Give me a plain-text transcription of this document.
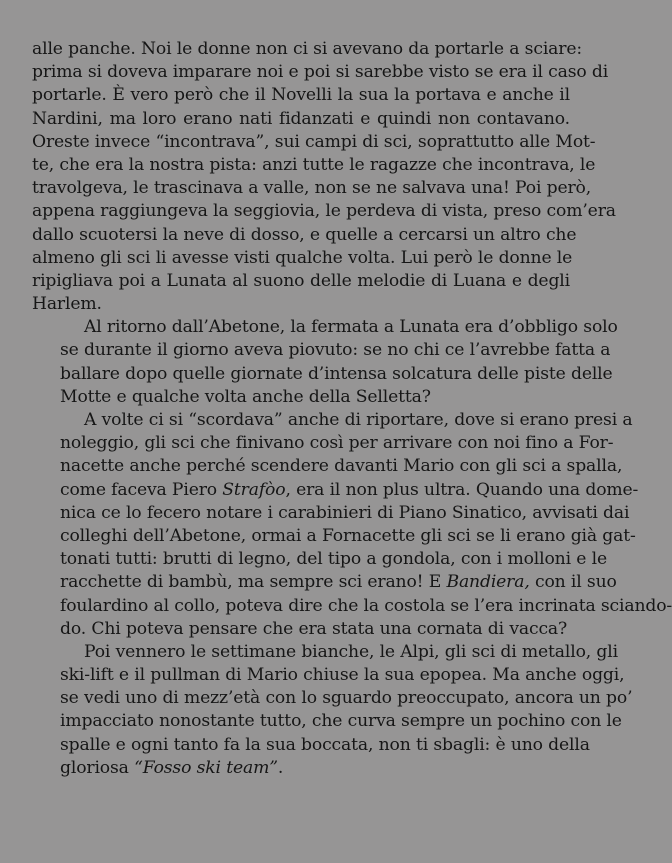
alle panche. Noi le donne non ci si avevano da portarle a sciare:
prima si doveva imparare noi e poi si sarebbe visto se era il caso di
portarle. È vero però che il Novelli la sua la portava e anche il
Nardini, ma loro erano nati fidanzati e quindi non contavano.
Oreste invece “incontrava”, sui campi di sci, soprattutto alle Mot-
te, che era la nostra pista: anzi tutte le ragazze che incontrava, le
travolgeva, le trascinava a valle, non se ne salvava una! Poi però,
appena raggiungeva la seggiovia, le perdeva di vista, preso com’era
dallo scuotersi la neve di dosso, e quelle a cercarsi un altro che
almeno gli sci li avesse visti qualche volta. Lui però le donne le
ripigliava poi a Lunata al suono delle melodie di Luana e degli
Harlem.
Al ritorno dall’Abetone, la fermata a Lunata era d’obbligo solo
se durante il giorno aveva piovuto: se no chi ce l’avrebbe fatta a
ballare dopo quelle giornate d’intensa solcatura delle piste delle
Motte e qualche volta anche della Selletta?
A volte ci si “scordava” anche di riportare, dove si erano presi a
noleggio, gli sci che finivano così per arrivare con noi fino a For-
nacette anche perché scendere davanti Mario con gli sci a spalla,
come faceva Piero Strafòo, era il non plus ultra. Quando una dome-
nica ce lo fecero notare i carabinieri di Piano Sinatico, avvisati dai
colleghi dell’Abetone, ormai a Fornacette gli sci se li erano già gat-
tonati tutti: brutti di legno, del tipo a gondola, con i molloni e le
racchette di bambù, ma sempre sci erano! E Bandiera, con il suo
foulardino al collo, poteva dire che la costola se l’era incrinata sciando-
do. Chi poteva pensare che era stata una cornata di vacca?
Poi vennero le settimane bianche, le Alpi, gli sci di metallo, gli
ski-lift e il pullman di Mario chiuse la sua epopea. Ma anche oggi,
se vedi uno di mezz’età con lo sguardo preoccupato, ancora un po’
impacciato nonostante tutto, che curva sempre un pochino con le
spalle e ogni tanto fa la sua boccata, non ti sbagli: è uno della
gloriosa “Fosso ski team”.
